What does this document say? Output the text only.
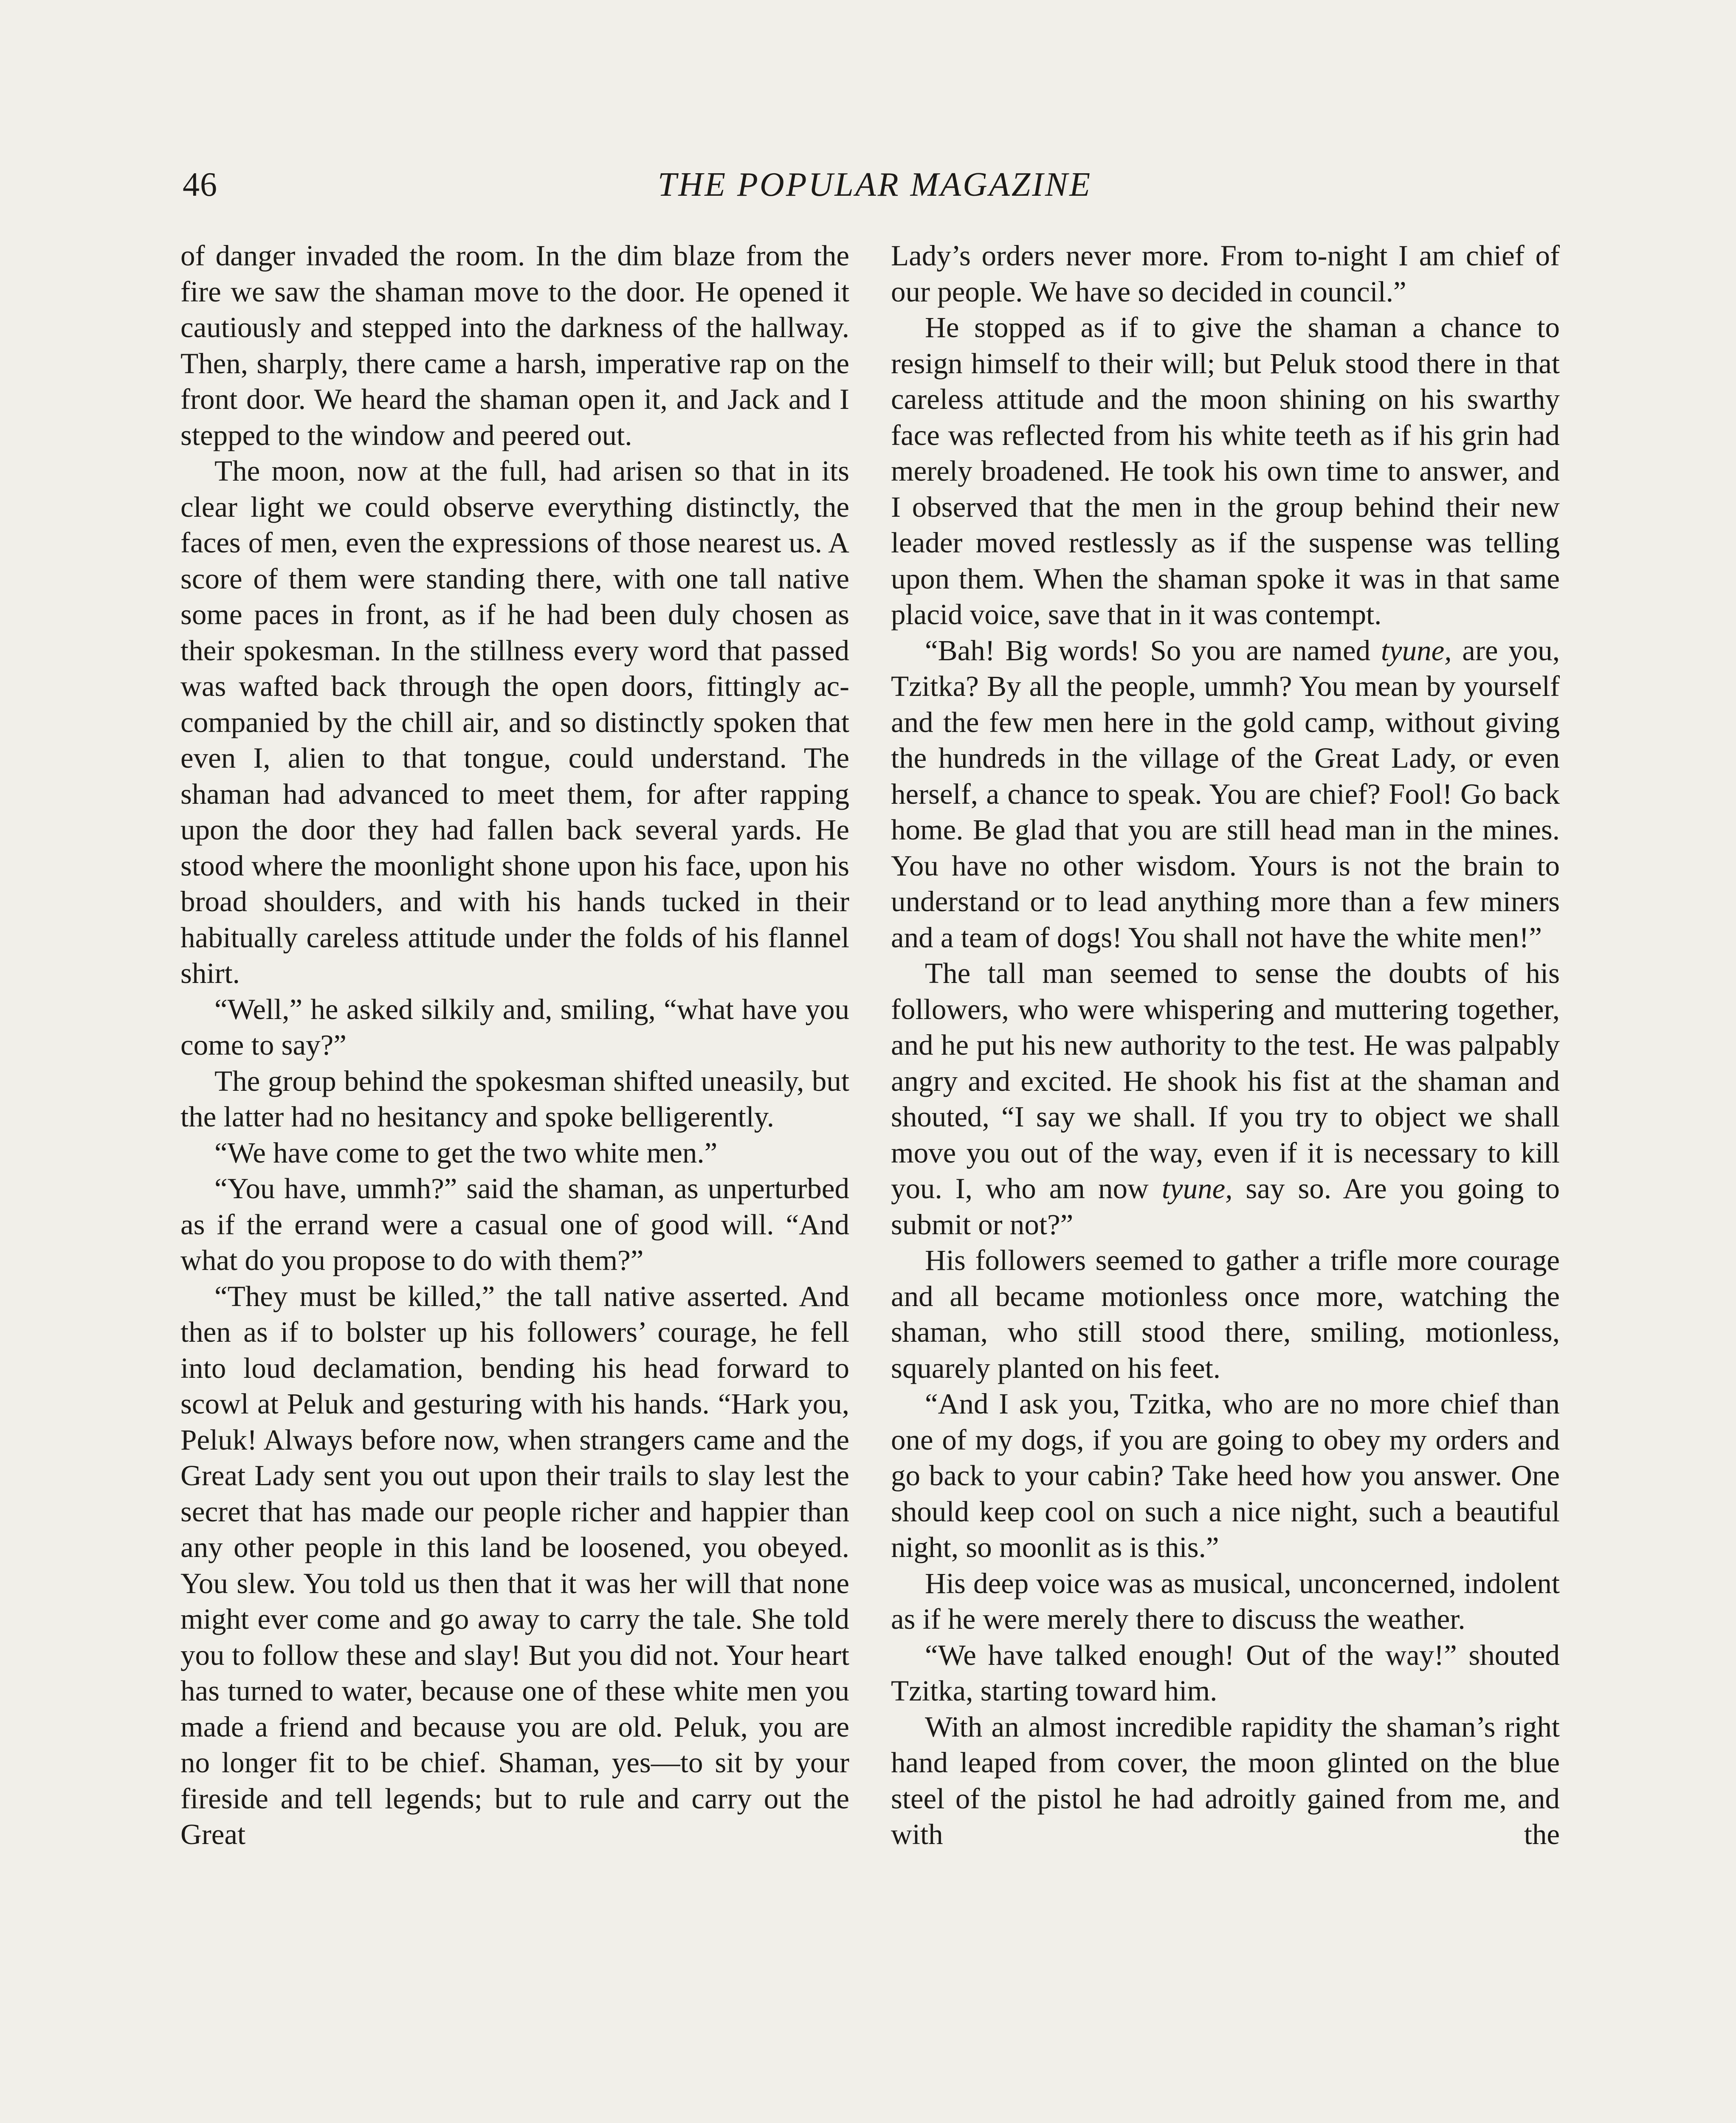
46	THE POPULAR MAGAZINE

of danger invaded the room. In the dim blaze from the fire we saw the shaman move to the door. He opened it cautiously and stepped into the darkness of the hallway. Then, sharply, there came a harsh, imperative rap on the front door. We heard the shaman open it, and Jack and I stepped to the window and peered out.

The moon, now at the full, had arisen so that in its clear light we could observe everything distinctly, the faces of men, even the expressions of those nearest us. A score of them were standing there, with one tall native some paces in front, as if he had been duly chosen as their spokesman. In the stillness every word that passed was wafted back through the open doors, fittingly accompanied by the chill air, and so distinctly spoken that even I, alien to that tongue, could understand. The shaman had advanced to meet them, for after rapping upon the door they had fallen back several yards. He stood where the moonlight shone upon his face, upon his broad shoulders, and with his hands tucked in their habitually careless attitude under the folds of his flannel shirt.

“Well,” he asked silkily and, smiling, “what have you come to say?”

The group behind the spokesman shifted uneasily, but the latter had no hesitancy and spoke belligerently.

“We have come to get the two white men.”

“You have, ummh?” said the shaman, as unperturbed as if the errand were a casual one of good will. “And what do you propose to do with them?”

“They must be killed,” the tall native asserted. And then as if to bolster up his followers’ courage, he fell into loud declamation, bending his head forward to scowl at Peluk and gesturing with his hands. “Hark you, Peluk! Always before now, when strangers came and the Great Lady sent you out upon their trails to slay lest the secret that has made our people richer and happier than any other people in this land be loosened, you obeyed. You slew. You told us then that it was her will that none might ever come and go away to carry the tale. She told you to follow these and slay! But you did not. Your heart has turned to water, because one of these white men you made a friend and because you are old. Peluk, you are no longer fit to be chief. Shaman, yes—to sit by your fireside and tell legends; but to rule and carry out the Great

Lady’s orders never more. From to-night I am chief of our people. We have so decided in council.”

He stopped as if to give the shaman a chance to resign himself to their will; but Peluk stood there in that careless attitude and the moon shining on his swarthy face was reflected from his white teeth as if his grin had merely broadened. He took his own time to answer, and I observed that the men in the group behind their new leader moved restlessly as if the suspense was telling upon them. When the shaman spoke it was in that same placid voice, save that in it was contempt.

“Bah! Big words! So you are named tyune, are you, Tzitka? By all the people, ummh? You mean by yourself and the few men here in the gold camp, without giving the hundreds in the village of the Great Lady, or even herself, a chance to speak. You are chief? Fool! Go back home. Be glad that you are still head man in the mines. You have no other wisdom. Yours is not the brain to understand or to lead anything more than a few miners and a team of dogs! You shall not have the white men!”

The tall man seemed to sense the doubts of his followers, who were whispering and muttering together, and he put his new authority to the test. He was palpably angry and excited. He shook his fist at the shaman and shouted, “I say we shall. If you try to object we shall move you out of the way, even if it is necessary to kill you. I, who am now tyune, say so. Are you going to submit or not?”

His followers seemed to gather a trifle more courage and all became motionless once more, watching the shaman, who still stood there, smiling, motionless, squarely planted on his feet.

“And I ask you, Tzitka, who are no more chief than one of my dogs, if you are going to obey my orders and go back to your cabin? Take heed how you answer. One should keep cool on such a nice night, such a beautiful night, so moonlit as is this.”

His deep voice was as musical, unconcerned, indolent as if he were merely there to discuss the weather.

“We have talked enough! Out of the way!” shouted Tzitka, starting toward him.

With an almost incredible rapidity the shaman’s right hand leaped from cover, the moon glinted on the blue steel of the pistol he had adroitly gained from me, and with the
